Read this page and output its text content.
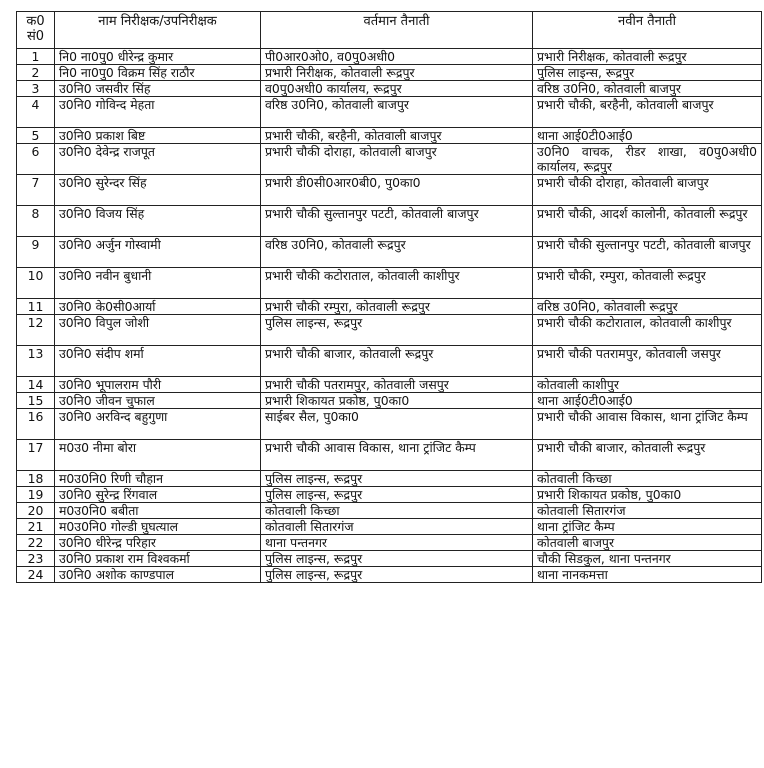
क0
सं0	नाम निरीक्षक/उपनिरीक्षक	वर्तमान तैनाती	नवीन तैनाती
1	नि0 ना0पु0 धीरेन्द्र कुमार	पी0आर0ओ0, व0पु0अधी0	प्रभारी निरीक्षक, कोतवाली रूद्रपुर
2	नि0 ना0पु0 विक्रम सिंह राठौर	प्रभारी निरीक्षक, कोतवाली रूद्रपुर	पुलिस लाइन्स, रूद्रपुर
3	उ0नि0 जसवीर सिंह	व0पु0अधी0 कार्यालय, रूद्रपुर	वरिष्ठ उ0नि0, कोतवाली बाजपुर
4	उ0नि0 गोविन्द मेहता	वरिष्ठ उ0नि0, कोतवाली बाजपुर	प्रभारी चौकी, बरहैनी, कोतवाली बाजपुर
5	उ0नि0 प्रकाश बिष्ट	प्रभारी चौकी, बरहैनी, कोतवाली बाजपुर	थाना आई0टी0आई0
6	उ0नि0 देवेन्द्र राजपूत	प्रभारी चौकी दोराहा, कोतवाली बाजपुर	उ0नि0 वाचक, रीडर शाखा, व0पु0अधी0 कार्यालय, रूद्रपुर
7	उ0नि0 सुरेन्दर सिंह	प्रभारी डी0सी0आर0बी0, पु0का0	प्रभारी चौकी दोराहा, कोतवाली बाजपुर
8	उ0नि0 विजय सिंह	प्रभारी चौकी सुल्तानपुर पटटी, कोतवाली बाजपुर	प्रभारी चौकी, आदर्श कालोनी, कोतवाली रूद्रपुर
9	उ0नि0 अर्जुन गोस्वामी	वरिष्ठ उ0नि0, कोतवाली रूद्रपुर	प्रभारी चौकी सुल्तानपुर पटटी, कोतवाली बाजपुर
10	उ0नि0 नवीन बुधानी	प्रभारी चौकी कटोराताल, कोतवाली काशीपुर	प्रभारी चौकी, रम्पुरा, कोतवाली रूद्रपुर
11	उ0नि0 के0सी0आर्या	प्रभारी चौकी रम्पुरा, कोतवाली रूद्रपुर	वरिष्ठ उ0नि0, कोतवाली रूद्रपुर
12	उ0नि0 विपुल जोशी	पुलिस लाइन्स, रूद्रपुर	प्रभारी चौकी कटोराताल, कोतवाली काशीपुर
13	उ0नि0 संदीप शर्मा	प्रभारी चौकी बाजार, कोतवाली रूद्रपुर	प्रभारी चौकी पतरामपुर, कोतवाली जसपुर
14	उ0नि0 भूपालराम पौरी	प्रभारी चौकी पतरामपुर, कोतवाली जसपुर	कोतवाली काशीपुर
15	उ0नि0 जीवन चुफाल	प्रभारी शिकायत प्रकोष्ठ, पु0का0	थाना आई0टी0आई0
16	उ0नि0 अरविन्द बहुगुणा	साईबर सैल, पु0का0	प्रभारी चौकी आवास विकास, थाना ट्रांजिट कैम्प
17	म0उ0 नीमा बोरा	प्रभारी चौकी आवास विकास, थाना ट्रांजिट कैम्प	प्रभारी चौकी बाजार, कोतवाली रूद्रपुर
18	म0उ0नि0 रिणी चौहान	पुलिस लाइन्स, रूद्रपुर	कोतवाली किच्छा
19	उ0नि0 सुरेन्द्र रिंगवाल	पुलिस लाइन्स, रूद्रपुर	प्रभारी शिकायत प्रकोष्ठ, पु0का0
20	म0उ0नि0 बबीता	कोतवाली किच्छा	कोतवाली सितारगंज
21	म0उ0नि0 गोल्डी घुघत्याल	कोतवाली सितारगंज	थाना ट्रांजिट कैम्प
22	उ0नि0 धीरेन्द्र परिहार	थाना पन्तनगर	कोतवाली बाजपुर
23	उ0नि0 प्रकाश राम विश्वकर्मा	पुलिस लाइन्स, रूद्रपुर	चौकी सिडकुल, थाना पन्तनगर
24	उ0नि0 अशोक काण्डपाल	पुलिस लाइन्स, रूद्रपुर	थाना नानकमत्ता
